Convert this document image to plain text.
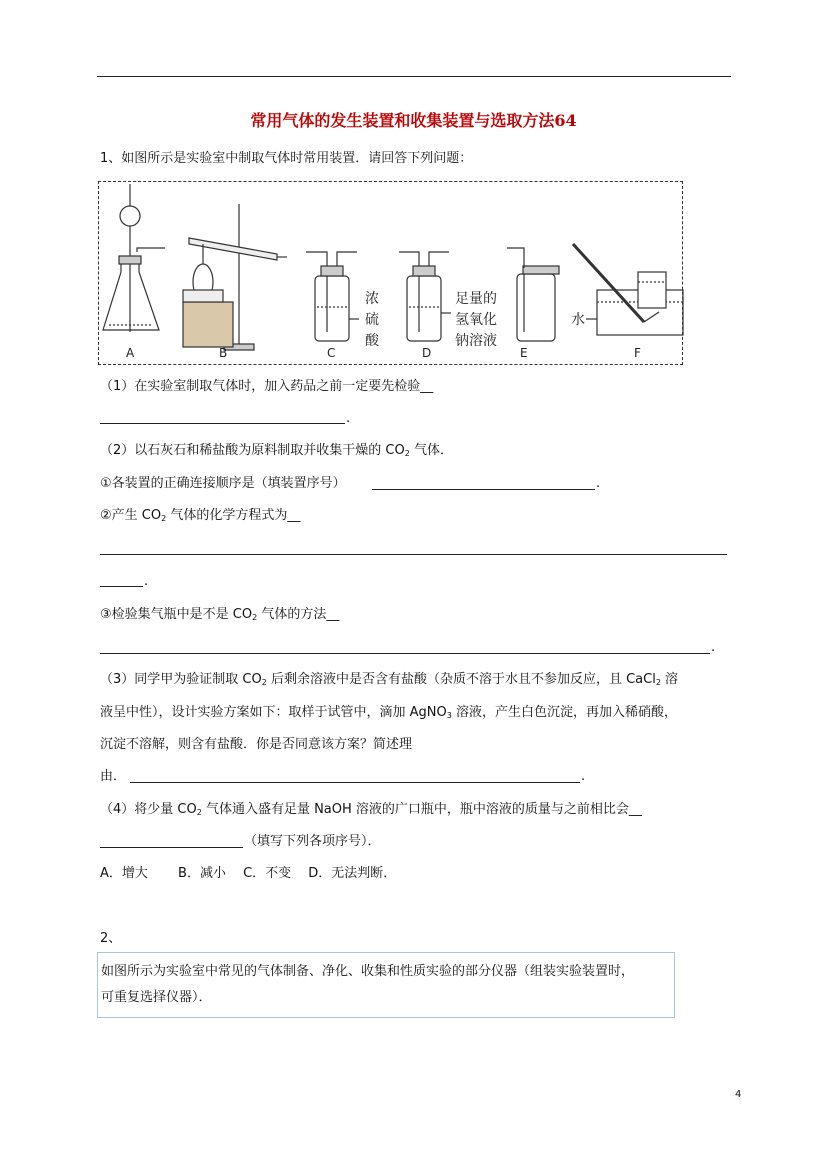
常用气体的发生装置和收集装置与选取方法64
1、如图所示是实验室中制取气体时常用装置．请回答下列问题：
A	B	C	D	E	F
浓
硫
酸
足量的
氢氧化
钠溶液
水
（1）在实验室制取气体时，加入药品之前一定要先检验__
.
（2）以石灰石和稀盐酸为原料制取并收集干燥的 $CO_2$ 气体．
①各装置的正确连接顺序是（填装置序号）	.
②产生 $CO_2$ 气体的化学方程式为__
.
③检验集气瓶中是不是 $CO_2$ 气体的方法__
.
（3）同学甲为验证制取 $CO_2$ 后剩余溶液中是否含有盐酸（杂质不溶于水且不参加反应，且 CaCl$_2$ 溶
液呈中性），设计实验方案如下：取样于试管中，滴加 AgNO$_3$ 溶液，产生白色沉淀，再加入稀硝酸，
沉淀不溶解，则含有盐酸．你是否同意该方案？简述理
由．	.
（4）将少量 $CO_2$ 气体通入盛有足量 NaOH 溶液的广口瓶中，瓶中溶液的质量与之前相比会__
（填写下列各项序号）．
A．增大　　 B．减小　 C．不变　 D．无法判断．
2、
如图所示为实验室中常见的气体制备、净化、收集和性质实验的部分仪器（组装实验装置时，
可重复选择仪器）．
4
